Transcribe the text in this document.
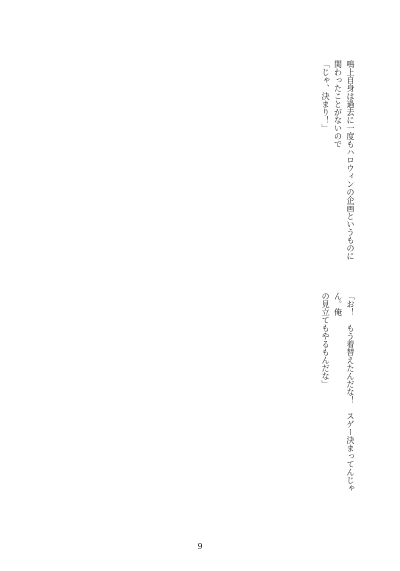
鳴上自身は過去に一度もハロウィンの企画というものに関わったことがないので

「じゃ、決まり！」

「お！　もう着替えたんだな！　スゲー決まってんじゃん。俺

の見立てもやるもんだな」

9
